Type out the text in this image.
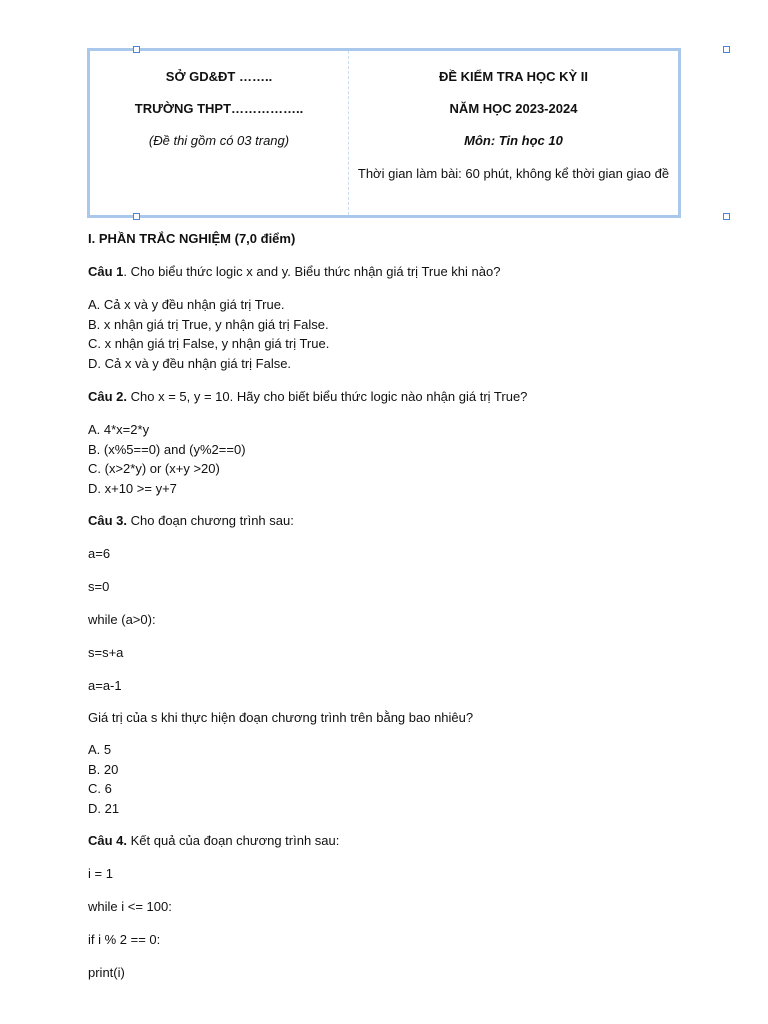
SỞ GD&ĐT ……..
TRƯỜNG THPT……………..
(Đề thi gồm có 03 trang)
ĐỀ KIỂM TRA HỌC KỲ II
NĂM HỌC 2023-2024
Môn: Tin học 10
Thời gian làm bài: 60 phút, không kể thời gian giao đề
I. PHẦN TRẮC NGHIỆM (7,0 điểm)
Câu 1. Cho biểu thức logic x and y. Biểu thức nhận giá trị True khi nào?
A. Cả x và y đều nhận giá trị True.
B. x nhận giá trị True, y nhận giá trị False.
C. x nhận giá trị False, y nhận giá trị True.
D. Cả x và y đều nhận giá trị False.
Câu 2. Cho x = 5, y = 10. Hãy cho biết biểu thức logic nào nhận giá trị True?
A. 4*x=2*y
B. (x%5==0) and (y%2==0)
C. (x>2*y) or (x+y >20)
D. x+10 >= y+7
Câu 3. Cho đoạn chương trình sau:
a=6
s=0
while (a>0):
s=s+a
a=a-1
Giá trị của s khi thực hiện đoạn chương trình trên bằng bao nhiêu?
A. 5
B. 20
C. 6
D. 21
Câu 4. Kết quả của đoạn chương trình sau:
i = 1
while i <= 100:
if i % 2 == 0:
print(i)
